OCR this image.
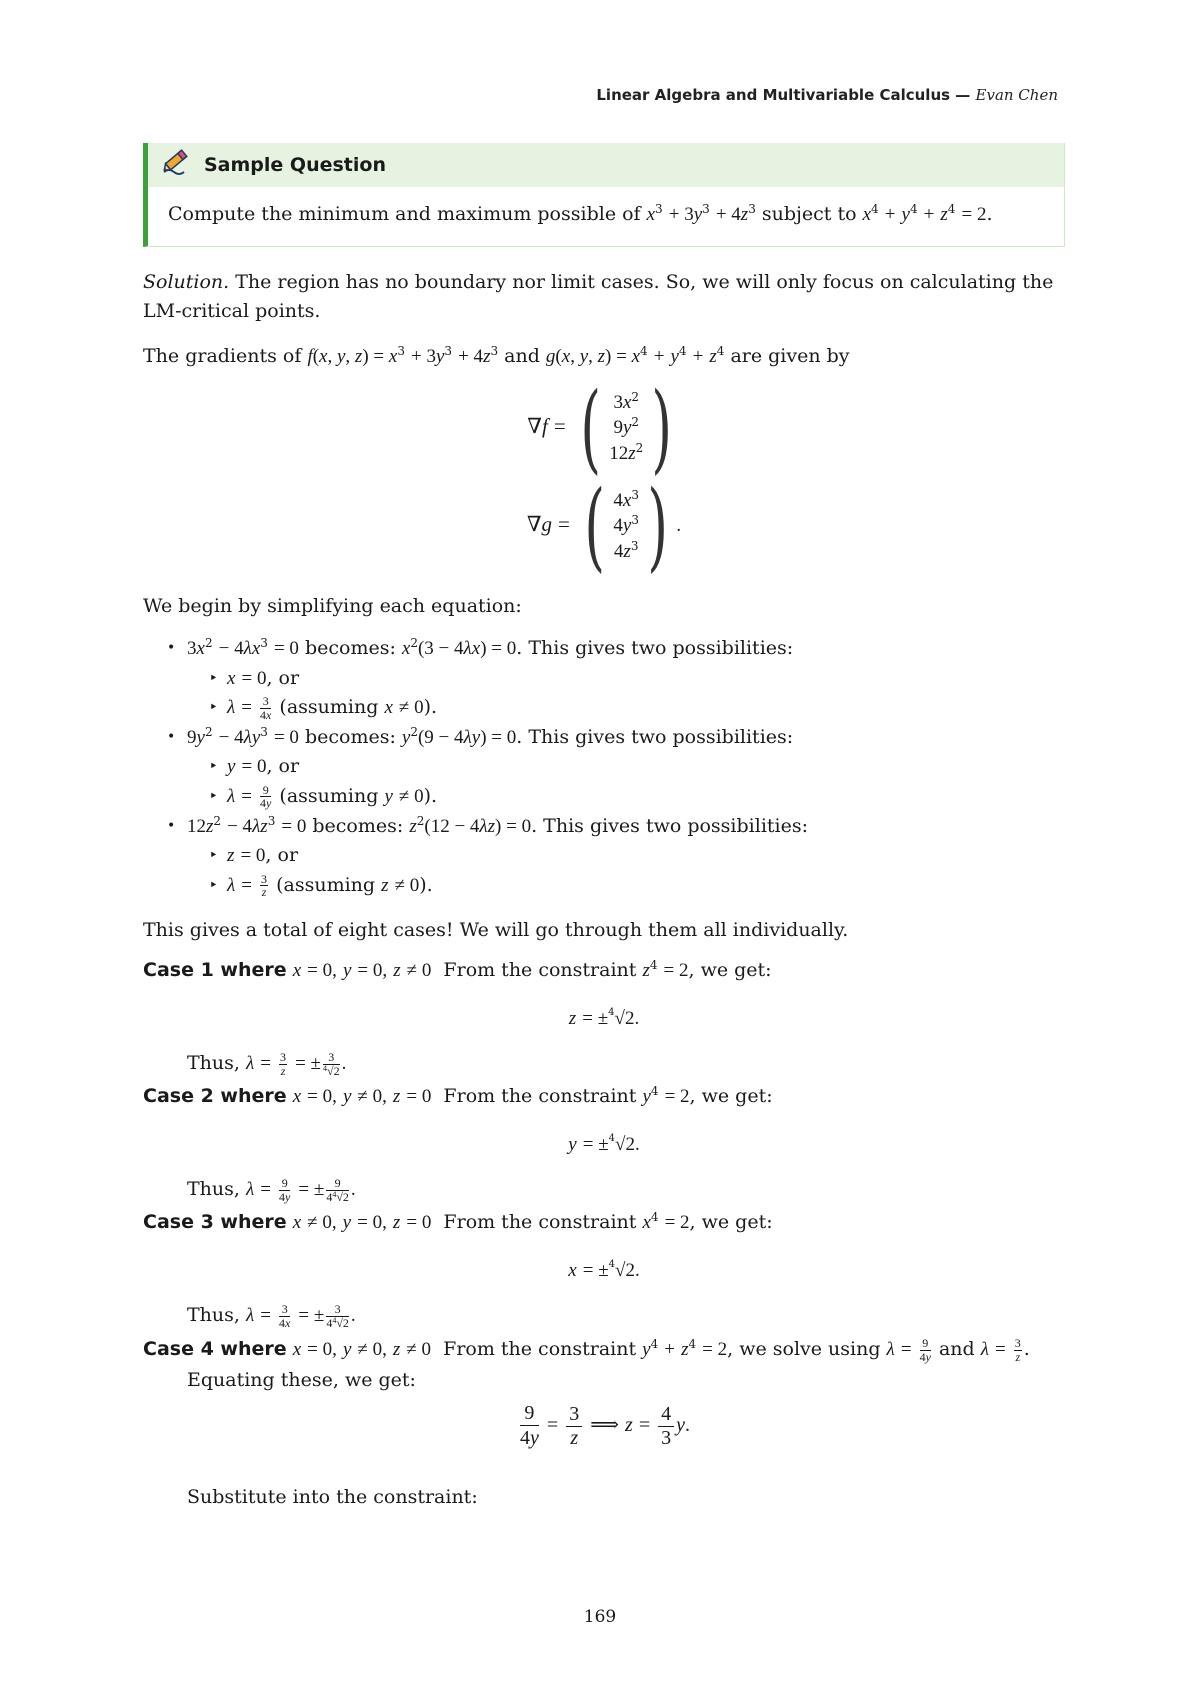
Linear Algebra and Multivariable Calculus — Evan Chen
Sample Question
Compute the minimum and maximum possible of $x^3 + 3y^3 + 4z^3$ subject to $x^4 + y^4 + z^4 = 2$.
Solution. The region has no boundary nor limit cases. So, we will only focus on calculating the LM-critical points.
The gradients of f(x, y, $z) = x^3 + 3y^3 + 4z^3$ and g(x, y, $z) = x^4 + y^4 + z^4$ are given by
∇f = ( $3x^2$
$9y^2$
$12z^2$ )
∇g = ( $4x^3$
$4y^3$
$4z^3$ ) .
We begin by simplifying each equation:
• $3x^2 - 4\lambda x^3 = 0$ becomes: $x^2(3 - 4\lambda x) = 0$. This gives two possibilities:
‣ x = 0, or
‣ $\lambda = \frac{3}{4x}$ (assuming x ≠ 0).
• $9y^2 - 4\lambda y^3 = 0$ becomes: $y^2(9 - 4\lambda y) = 0$. This gives two possibilities:
‣ y = 0, or
‣ $\lambda = \frac{9}{4y}$ (assuming y ≠ 0).
• $12z^2 - 4\lambda z^3 = 0$ becomes: $z^2(12 - 4\lambda z) = 0$. This gives two possibilities:
‣ z = 0, or
‣ $\lambda = \frac{3}{z}$ (assuming z ≠ 0).
This gives a total of eight cases! We will go through them all individually.
Case 1 where x = 0, y = 0, z ≠ 0 From the constraint $z^4 = 2$, we get:
z = ±$^4$√2.
Thus, $\lambda = \frac{3}{z}$ = ± $\frac{3}{^4√2}$ .
Case 2 where x = 0, y ≠ 0, z = 0 From the constraint $y^4 = 2$, we get:
y = ±$^4$√2.
Thus, $\lambda = \frac{9}{4y}$ = ± $\frac{9}{4^4√2}$ .
Case 3 where x ≠ 0, y = 0, z = 0 From the constraint $x^4 = 2$, we get:
x = ±$^4$√2.
Thus, $\lambda = \frac{3}{4x}$ = ± $\frac{3}{4^4√2}$ .
Case 4 where x = 0, y ≠ 0, z ≠ 0 From the constraint $y^4 + z^4 = 2$, we solve using $\lambda = \frac{9}{4y}$ and $\lambda = \frac{3}{z}$ . Equating these, we get:
$\frac{9}{4y} = \frac{3}{z}$ ⟹ $z = \frac{4}{3} y$.
Substitute into the constraint:
169
